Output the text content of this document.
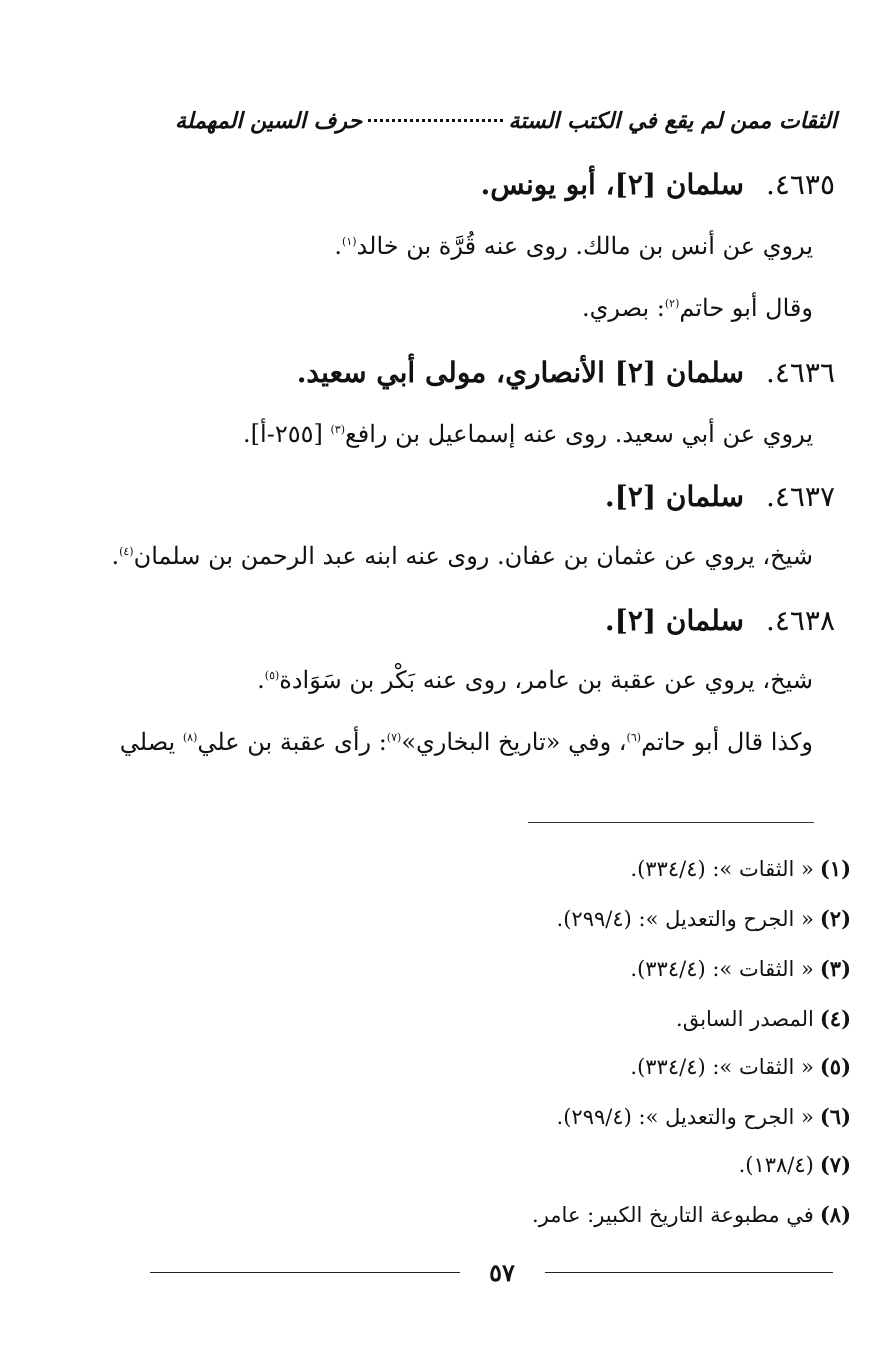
حرف السين المهملة	الثقات ممن لم يقع في الكتب الستة
٤٦٣٥.سلمان [٢]، أبو يونس.
يروي عن أنس بن مالك. روى عنه قُرَّة بن خالد$^{(١)}$.
وقال أبو حاتم$^{(٢)}$: بصري.
٤٦٣٦.سلمان [٢] الأنصاري، مولى أبي سعيد.
يروي عن أبي سعيد. روى عنه إسماعيل بن رافع$^{(٣)}$ [٢٥٥-أ].
٤٦٣٧.سلمان [٢].
شيخ، يروي عن عثمان بن عفان. روى عنه ابنه عبد الرحمن بن سلمان$^{(٤)}$.
٤٦٣٨.سلمان [٢].
شيخ، يروي عن عقبة بن عامر، روى عنه بَكْر بن سَوَادة$^{(٥)}$.
وكذا قال أبو حاتم$^{(٦)}$، وفي «تاريخ البخاري»$^{(٧)}$: رأى عقبة بن علي$^{(٨)}$ يصلي
(١)« الثقات »: (٣٣٤/٤).
(٢)« الجرح والتعديل »: (٢٩٩/٤).
(٣)« الثقات »: (٣٣٤/٤).
(٤)المصدر السابق.
(٥)« الثقات »: (٣٣٤/٤).
(٦)« الجرح والتعديل »: (٢٩٩/٤).
(٧)(١٣٨/٤).
(٨)في مطبوعة التاريخ الكبير: عامر.
٥٧
